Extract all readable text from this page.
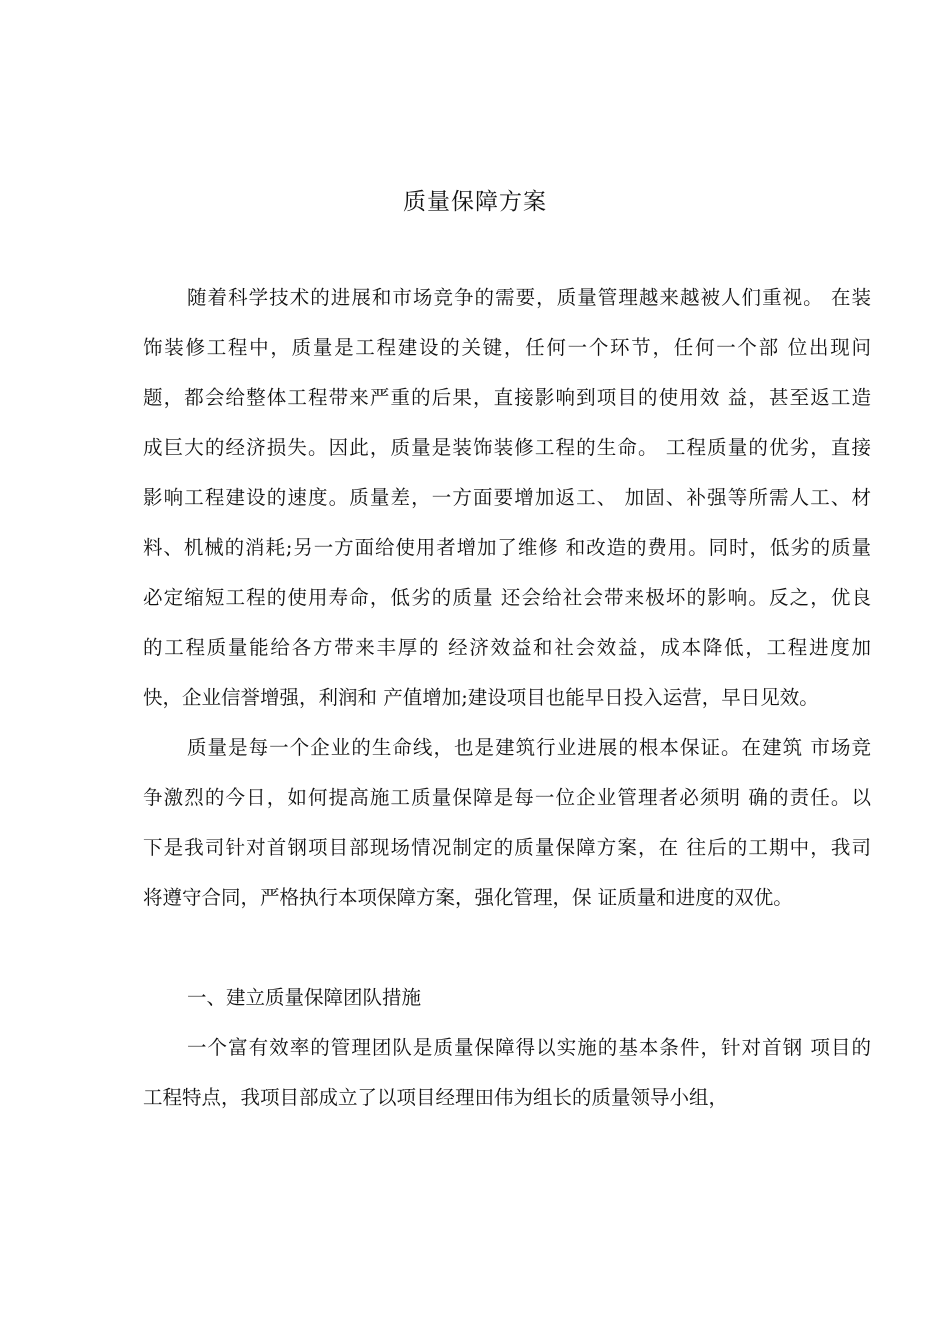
质量保障方案
随着科学技术的进展和市场竞争的需要，质量管理越来越被人们重视。 在装
饰装修工程中，质量是工程建设的关键，任何一个环节，任何一个部 位出现问
题，都会给整体工程带来严重的后果，直接影响到项目的使用效 益，甚至返工造
成巨大的经济损失。因此，质量是装饰装修工程的生命。 工程质量的优劣，直接
影响工程建设的速度。质量差，一方面要增加返工、 加固、补强等所需人工、材
料、机械的消耗;另一方面给使用者增加了维修 和改造的费用。同时，低劣的质量
必定缩短工程的使用寿命，低劣的质量 还会给社会带来极坏的影响。反之，优良
的工程质量能给各方带来丰厚的 经济效益和社会效益，成本降低，工程进度加
快，企业信誉增强，利润和 产值增加;建设项目也能早日投入运营，早日见效。
质量是每一个企业的生命线，也是建筑行业进展的根本保证。在建筑 市场竞
争激烈的今日，如何提高施工质量保障是每一位企业管理者必须明 确的责任。以
下是我司针对首钢项目部现场情况制定的质量保障方案，在 往后的工期中，我司
将遵守合同，严格执行本项保障方案，强化管理，保 证质量和进度的双优。
一、建立质量保障团队措施
一个富有效率的管理团队是质量保障得以实施的基本条件，针对首钢 项目的
工程特点，我项目部成立了以项目经理田伟为组长的质量领导小组，
